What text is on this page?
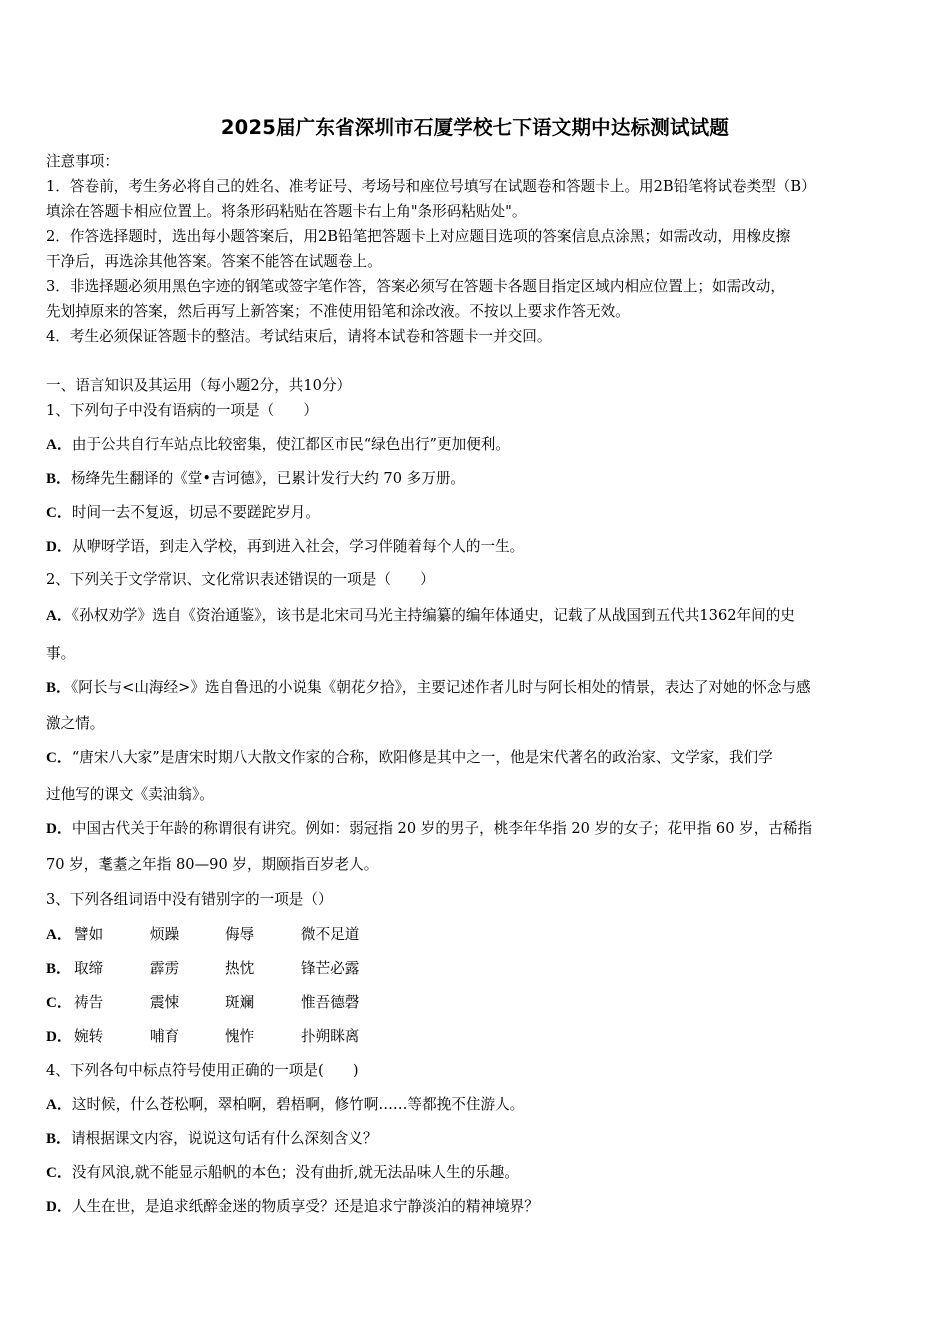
2025届广东省深圳市石厦学校七下语文期中达标测试试题
注意事项：
1．答卷前，考生务必将自己的姓名、准考证号、考场号和座位号填写在试题卷和答题卡上。用2B铅笔将试卷类型（B）
填涂在答题卡相应位置上。将条形码粘贴在答题卡右上角"条形码粘贴处"。
2．作答选择题时，选出每小题答案后，用2B铅笔把答题卡上对应题目选项的答案信息点涂黑；如需改动，用橡皮擦
干净后，再选涂其他答案。答案不能答在试题卷上。
3．非选择题必须用黑色字迹的钢笔或签字笔作答，答案必须写在答题卡各题目指定区域内相应位置上；如需改动，
先划掉原来的答案，然后再写上新答案；不准使用铅笔和涂改液。不按以上要求作答无效。
4．考生必须保证答题卡的整洁。考试结束后，请将本试卷和答题卡一并交回。
一、语言知识及其运用（每小题2分，共10分）
1、下列句子中没有语病的一项是（　　）
A．由于公共自行车站点比较密集，使江都区市民“绿色出行”更加便利。
B．杨绛先生翻译的《堂•吉诃德》，已累计发行大约 70 多万册。
C．时间一去不复返，切忌不要蹉跎岁月。
D．从咿呀学语，到走入学校，再到进入社会，学习伴随着每个人的一生。
2、下列关于文学常识、文化常识表述错误的一项是（　　）
A．《孙权劝学》选自《资治通鉴》，该书是北宋司马光主持编纂的编年体通史，记载了从战国到五代共1362年间的史
事。
B．《阿长与<山海经>》选自鲁迅的小说集《朝花夕拾》，主要记述作者儿时与阿长相处的情景，表达了对她的怀念与感
激之情。
C．“唐宋八大家”是唐宋时期八大散文作家的合称，欧阳修是其中之一，他是宋代著名的政治家、文学家，我们学
过他写的课文《卖油翁》。
D．中国古代关于年龄的称谓很有讲究。例如：弱冠指 20 岁的男子，桃李年华指 20 岁的女子；花甲指 60 岁，古稀指
70 岁，耄耋之年指 80—90 岁，期颐指百岁老人。
3、下列各组词语中没有错别字的一项是（）
A． 譬如	烦躁	侮辱	微不足道
B． 取缔	霹雳	热忱	锋芒必露
C． 祷告	震悚	斑斓	惟吾德磬
D． 婉转	哺育	愧怍	扑朔眯离
4、下列各句中标点符号使用正确的一项是(　　)
A．这时候，什么苍松啊，翠柏啊，碧梧啊，修竹啊……等都挽不住游人。
B．请根据课文内容，说说这句话有什么深刻含义？
C．没有风浪,就不能显示船帆的本色；没有曲折,就无法品味人生的乐趣。
D．人生在世，是追求纸醉金迷的物质享受？还是追求宁静淡泊的精神境界？
